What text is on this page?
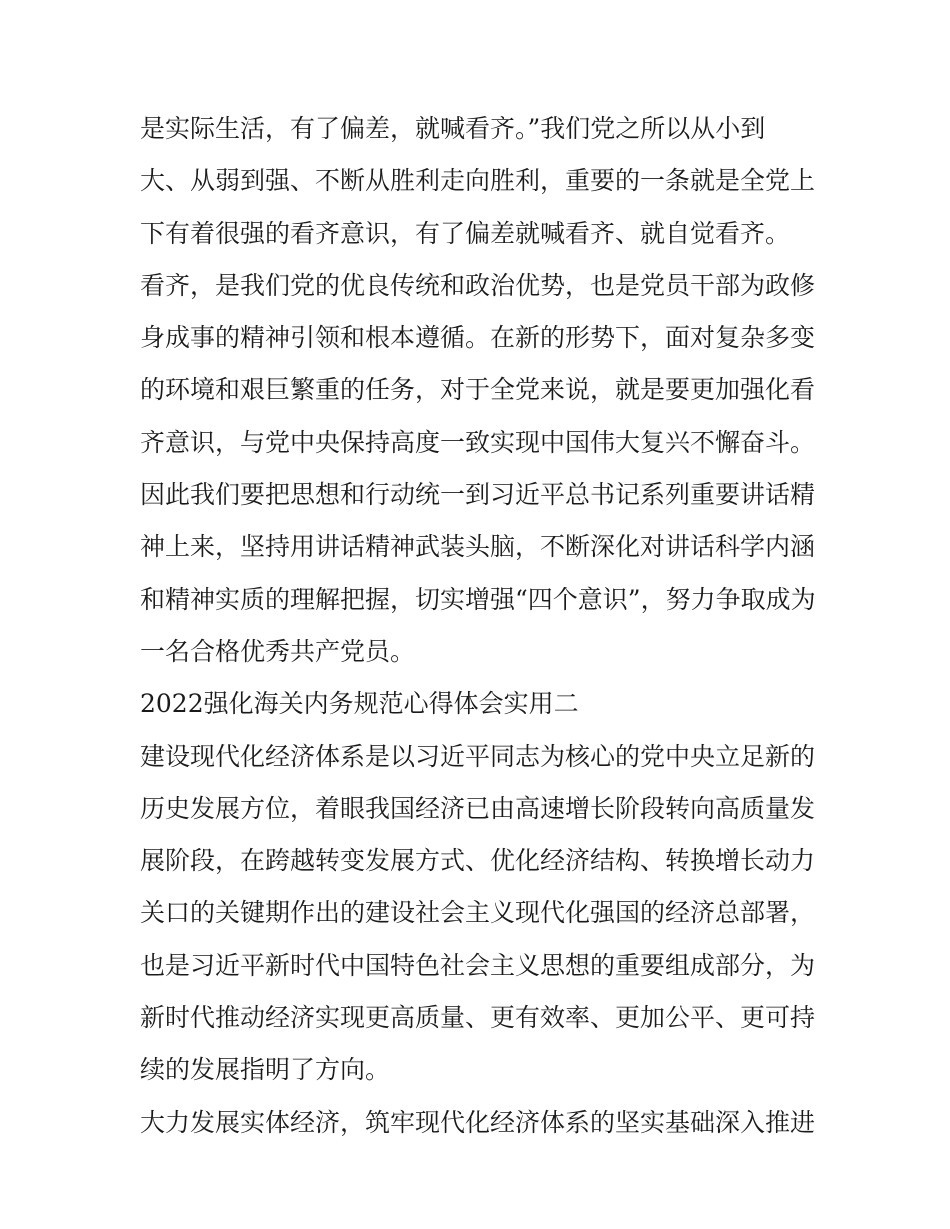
是实际生活，有了偏差，就喊看齐。”我们党之所以从小到

大、从弱到强、不断从胜利走向胜利，重要的一条就是全党上

下有着很强的看齐意识，有了偏差就喊看齐、就自觉看齐。

看齐，是我们党的优良传统和政治优势，也是党员干部为政修

身成事的精神引领和根本遵循。在新的形势下，面对复杂多变

的环境和艰巨繁重的任务，对于全党来说，就是要更加强化看

齐意识，与党中央保持高度一致实现中国伟大复兴不懈奋斗。

因此我们要把思想和行动统一到习近平总书记系列重要讲话精

神上来，坚持用讲话精神武装头脑，不断深化对讲话科学内涵

和精神实质的理解把握，切实增强“四个意识”，努力争取成为

一名合格优秀共产党员。

2022强化海关内务规范心得体会实用二

建设现代化经济体系是以习近平同志为核心的党中央立足新的

历史发展方位，着眼我国经济已由高速增长阶段转向高质量发

展阶段，在跨越转变发展方式、优化经济结构、转换增长动力

关口的关键期作出的建设社会主义现代化强国的经济总部署，

也是习近平新时代中国特色社会主义思想的重要组成部分，为

新时代推动经济实现更高质量、更有效率、更加公平、更可持

续的发展指明了方向。

大力发展实体经济，筑牢现代化经济体系的坚实基础深入推进
